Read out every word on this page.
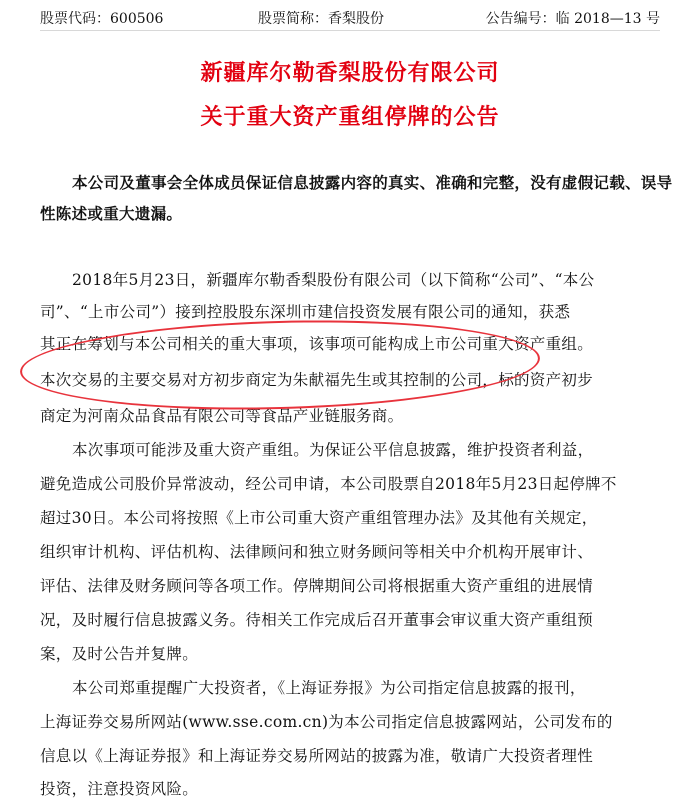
股票代码：600506	股票简称：香梨股份	公告编号：临 2018—13 号
新疆库尔勒香梨股份有限公司
关于重大资产重组停牌的公告
本公司及董事会全体成员保证信息披露内容的真实、准确和完整，没有虚假记载、误导
性陈述或重大遗漏。
2018年5月23日，新疆库尔勒香梨股份有限公司（以下简称“公司”、“本公
司”、“上市公司”）接到控股股东深圳市建信投资发展有限公司的通知，获悉
其正在筹划与本公司相关的重大事项，该事项可能构成上市公司重大资产重组。
本次交易的主要交易对方初步商定为朱献福先生或其控制的公司，标的资产初步
商定为河南众品食品有限公司等食品产业链服务商。
本次事项可能涉及重大资产重组。为保证公平信息披露，维护投资者利益，
避免造成公司股价异常波动，经公司申请，本公司股票自2018年5月23日起停牌不
超过30日。本公司将按照《上市公司重大资产重组管理办法》及其他有关规定，
组织审计机构、评估机构、法律顾问和独立财务顾问等相关中介机构开展审计、
评估、法律及财务顾问等各项工作。停牌期间公司将根据重大资产重组的进展情
况，及时履行信息披露义务。待相关工作完成后召开董事会审议重大资产重组预
案，及时公告并复牌。
本公司郑重提醒广大投资者，《上海证券报》为公司指定信息披露的报刊，
上海证券交易所网站(www.sse.com.cn)为本公司指定信息披露网站，公司发布的
信息以《上海证券报》和上海证券交易所网站的披露为准，敬请广大投资者理性
投资，注意投资风险。
